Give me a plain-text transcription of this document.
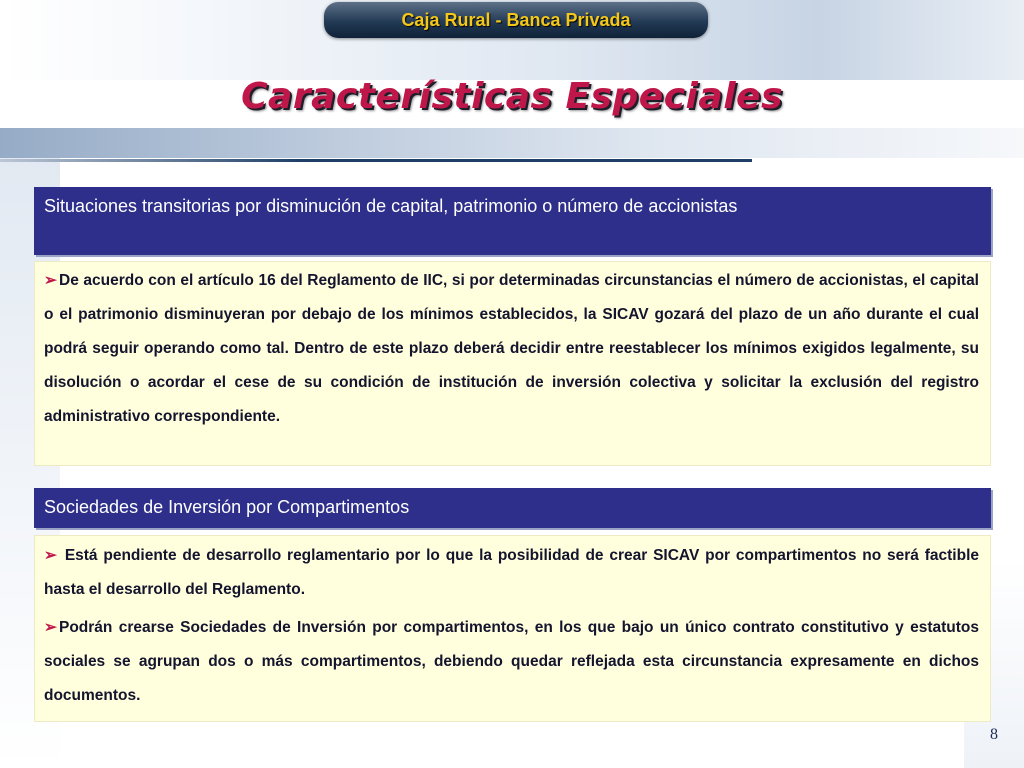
Caja Rural - Banca Privada
Características Especiales
Situaciones transitorias por disminución de capital, patrimonio o número de accionistas

➢ De acuerdo con el artículo 16 del Reglamento de IIC, si por determinadas circunstancias el número de accionistas, el capital o el patrimonio disminuyeran por debajo de los mínimos establecidos, la SICAV gozará del plazo de un año durante el cual podrá seguir operando como tal. Dentro de este plazo deberá decidir entre reestablecer los mínimos exigidos legalmente, su disolución o acordar el cese de su condición de institución de inversión colectiva y solicitar la exclusión del registro administrativo correspondiente.

Sociedades de Inversión por Compartimentos

➢ Está pendiente de desarrollo reglamentario por lo que la posibilidad de crear SICAV por compartimentos no será factible hasta el desarrollo del Reglamento.

➢ Podrán crearse Sociedades de Inversión por compartimentos, en los que bajo un único contrato constitutivo y estatutos sociales se agrupan dos o más compartimentos, debiendo quedar reflejada esta circunstancia expresamente en dichos documentos.

8
